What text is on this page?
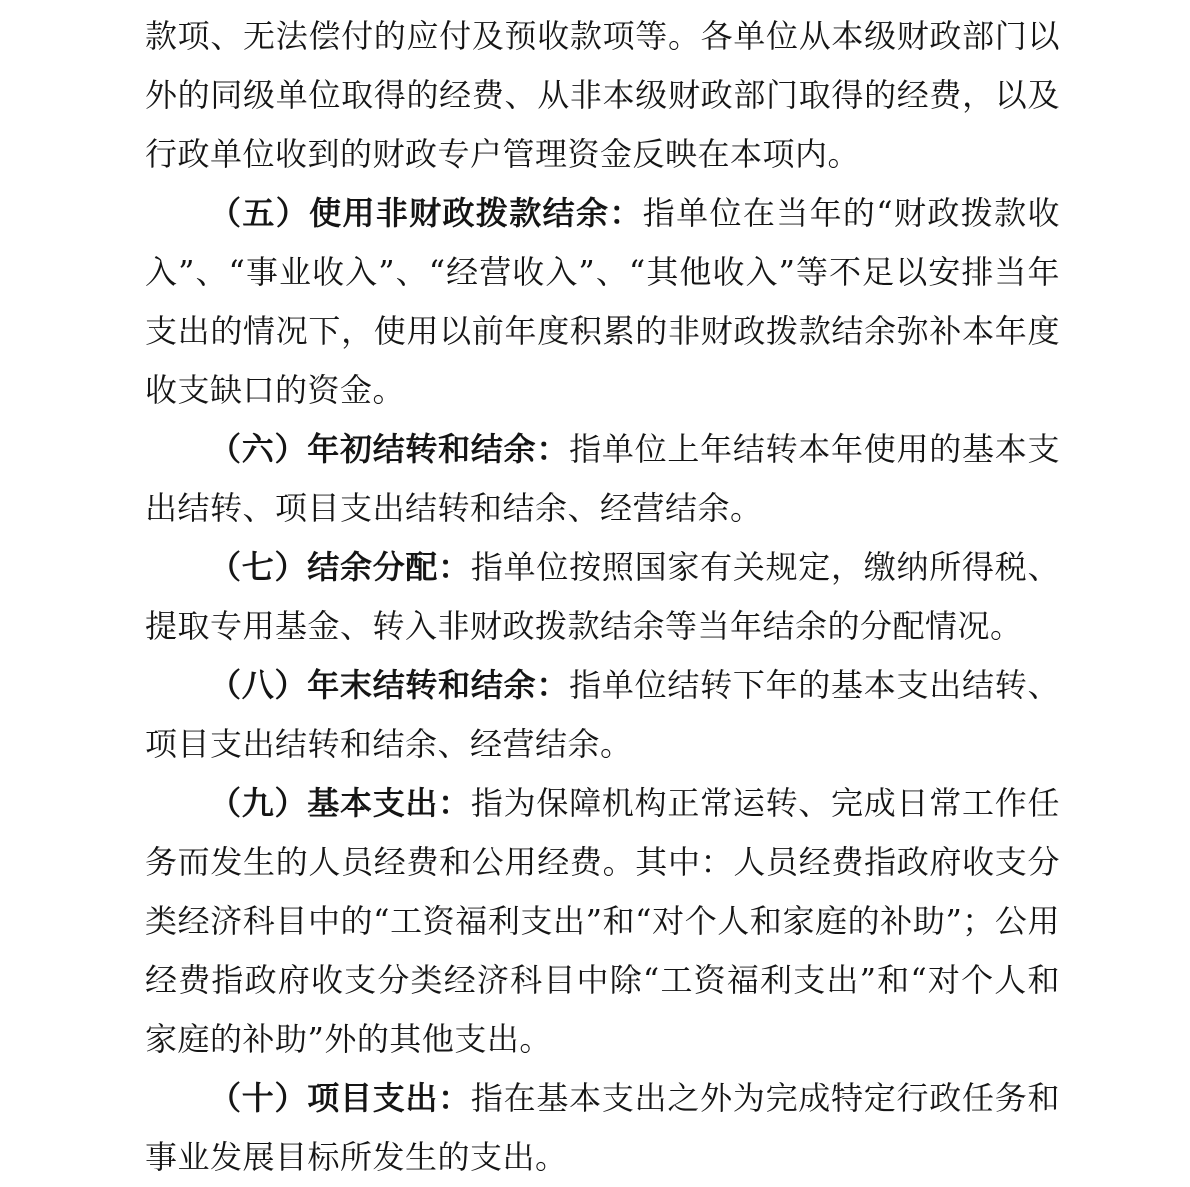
款项、无法偿付的应付及预收款项等。各单位从本级财政部门以外的同级单位取得的经费、从非本级财政部门取得的经费，以及行政单位收到的财政专户管理资金反映在本项内。

（五）使用非财政拨款结余：指单位在当年的“财政拨款收入”、“事业收入”、“经营收入”、“其他收入”等不足以安排当年支出的情况下，使用以前年度积累的非财政拨款结余弥补本年度收支缺口的资金。

（六）年初结转和结余：指单位上年结转本年使用的基本支出结转、项目支出结转和结余、经营结余。

（七）结余分配：指单位按照国家有关规定，缴纳所得税、提取专用基金、转入非财政拨款结余等当年结余的分配情况。

（八）年末结转和结余：指单位结转下年的基本支出结转、项目支出结转和结余、经营结余。

（九）基本支出：指为保障机构正常运转、完成日常工作任务而发生的人员经费和公用经费。其中：人员经费指政府收支分类经济科目中的“工资福利支出”和“对个人和家庭的补助”；公用经费指政府收支分类经济科目中除“工资福利支出”和“对个人和家庭的补助”外的其他支出。

（十）项目支出：指在基本支出之外为完成特定行政任务和事业发展目标所发生的支出。
